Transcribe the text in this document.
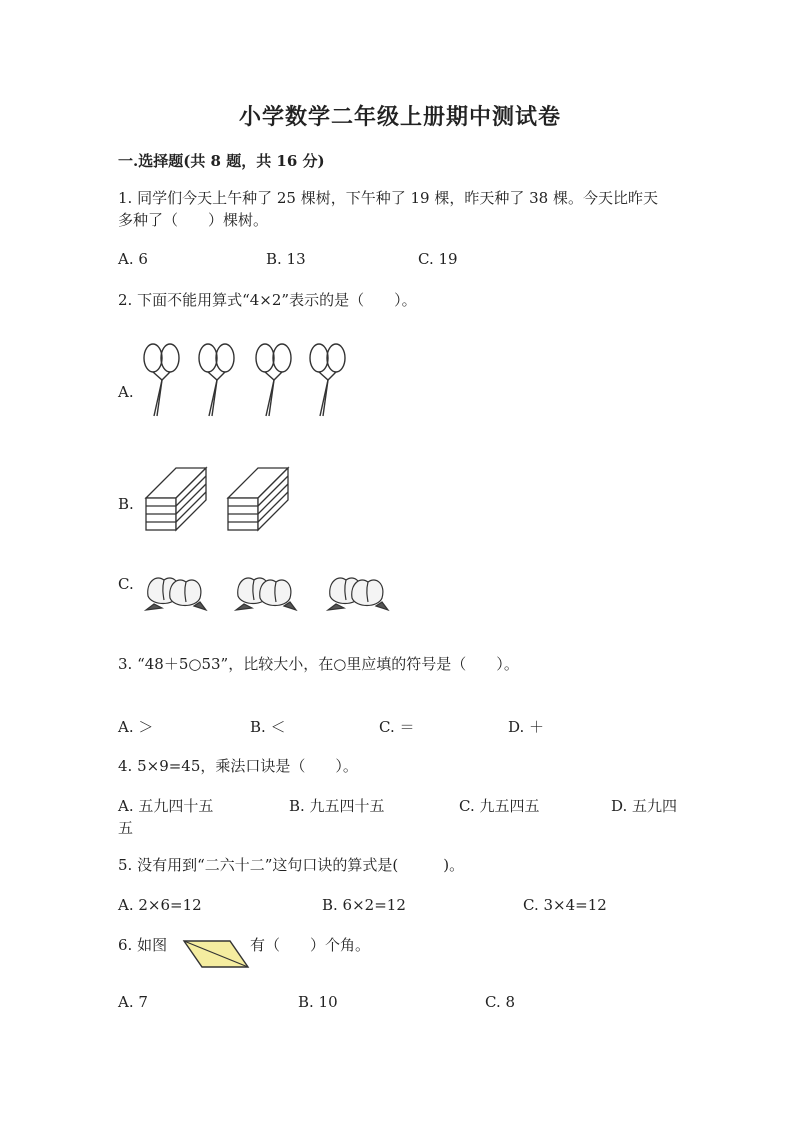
小学数学二年级上册期中测试卷
一.选择题(共 8 题，共 16 分)
1. 同学们今天上午种了 25 棵树，下午种了 19 棵，昨天种了 38 棵。今天比昨天
多种了（　　）棵树。
A. 6	B. 13	C. 19
2. 下面不能用算式“4×2”表示的是（　　）。
A.
B.
C.
3. “48＋5○53”，比较大小，在○里应填的符号是（　　）。
A. ＞	B. ＜	C. ＝	D. ＋
4. 5×9=45，乘法口诀是（　　）。
A. 五九四十五	B. 九五四十五	C. 九五四五	D. 五九四
五
5. 没有用到“二六十二”这句口诀的算式是(　　　)。
A. 2×6=12	B. 6×2=12	C. 3×4=12
6. 如图	有（　　）个角。
A. 7	B. 10	C. 8
